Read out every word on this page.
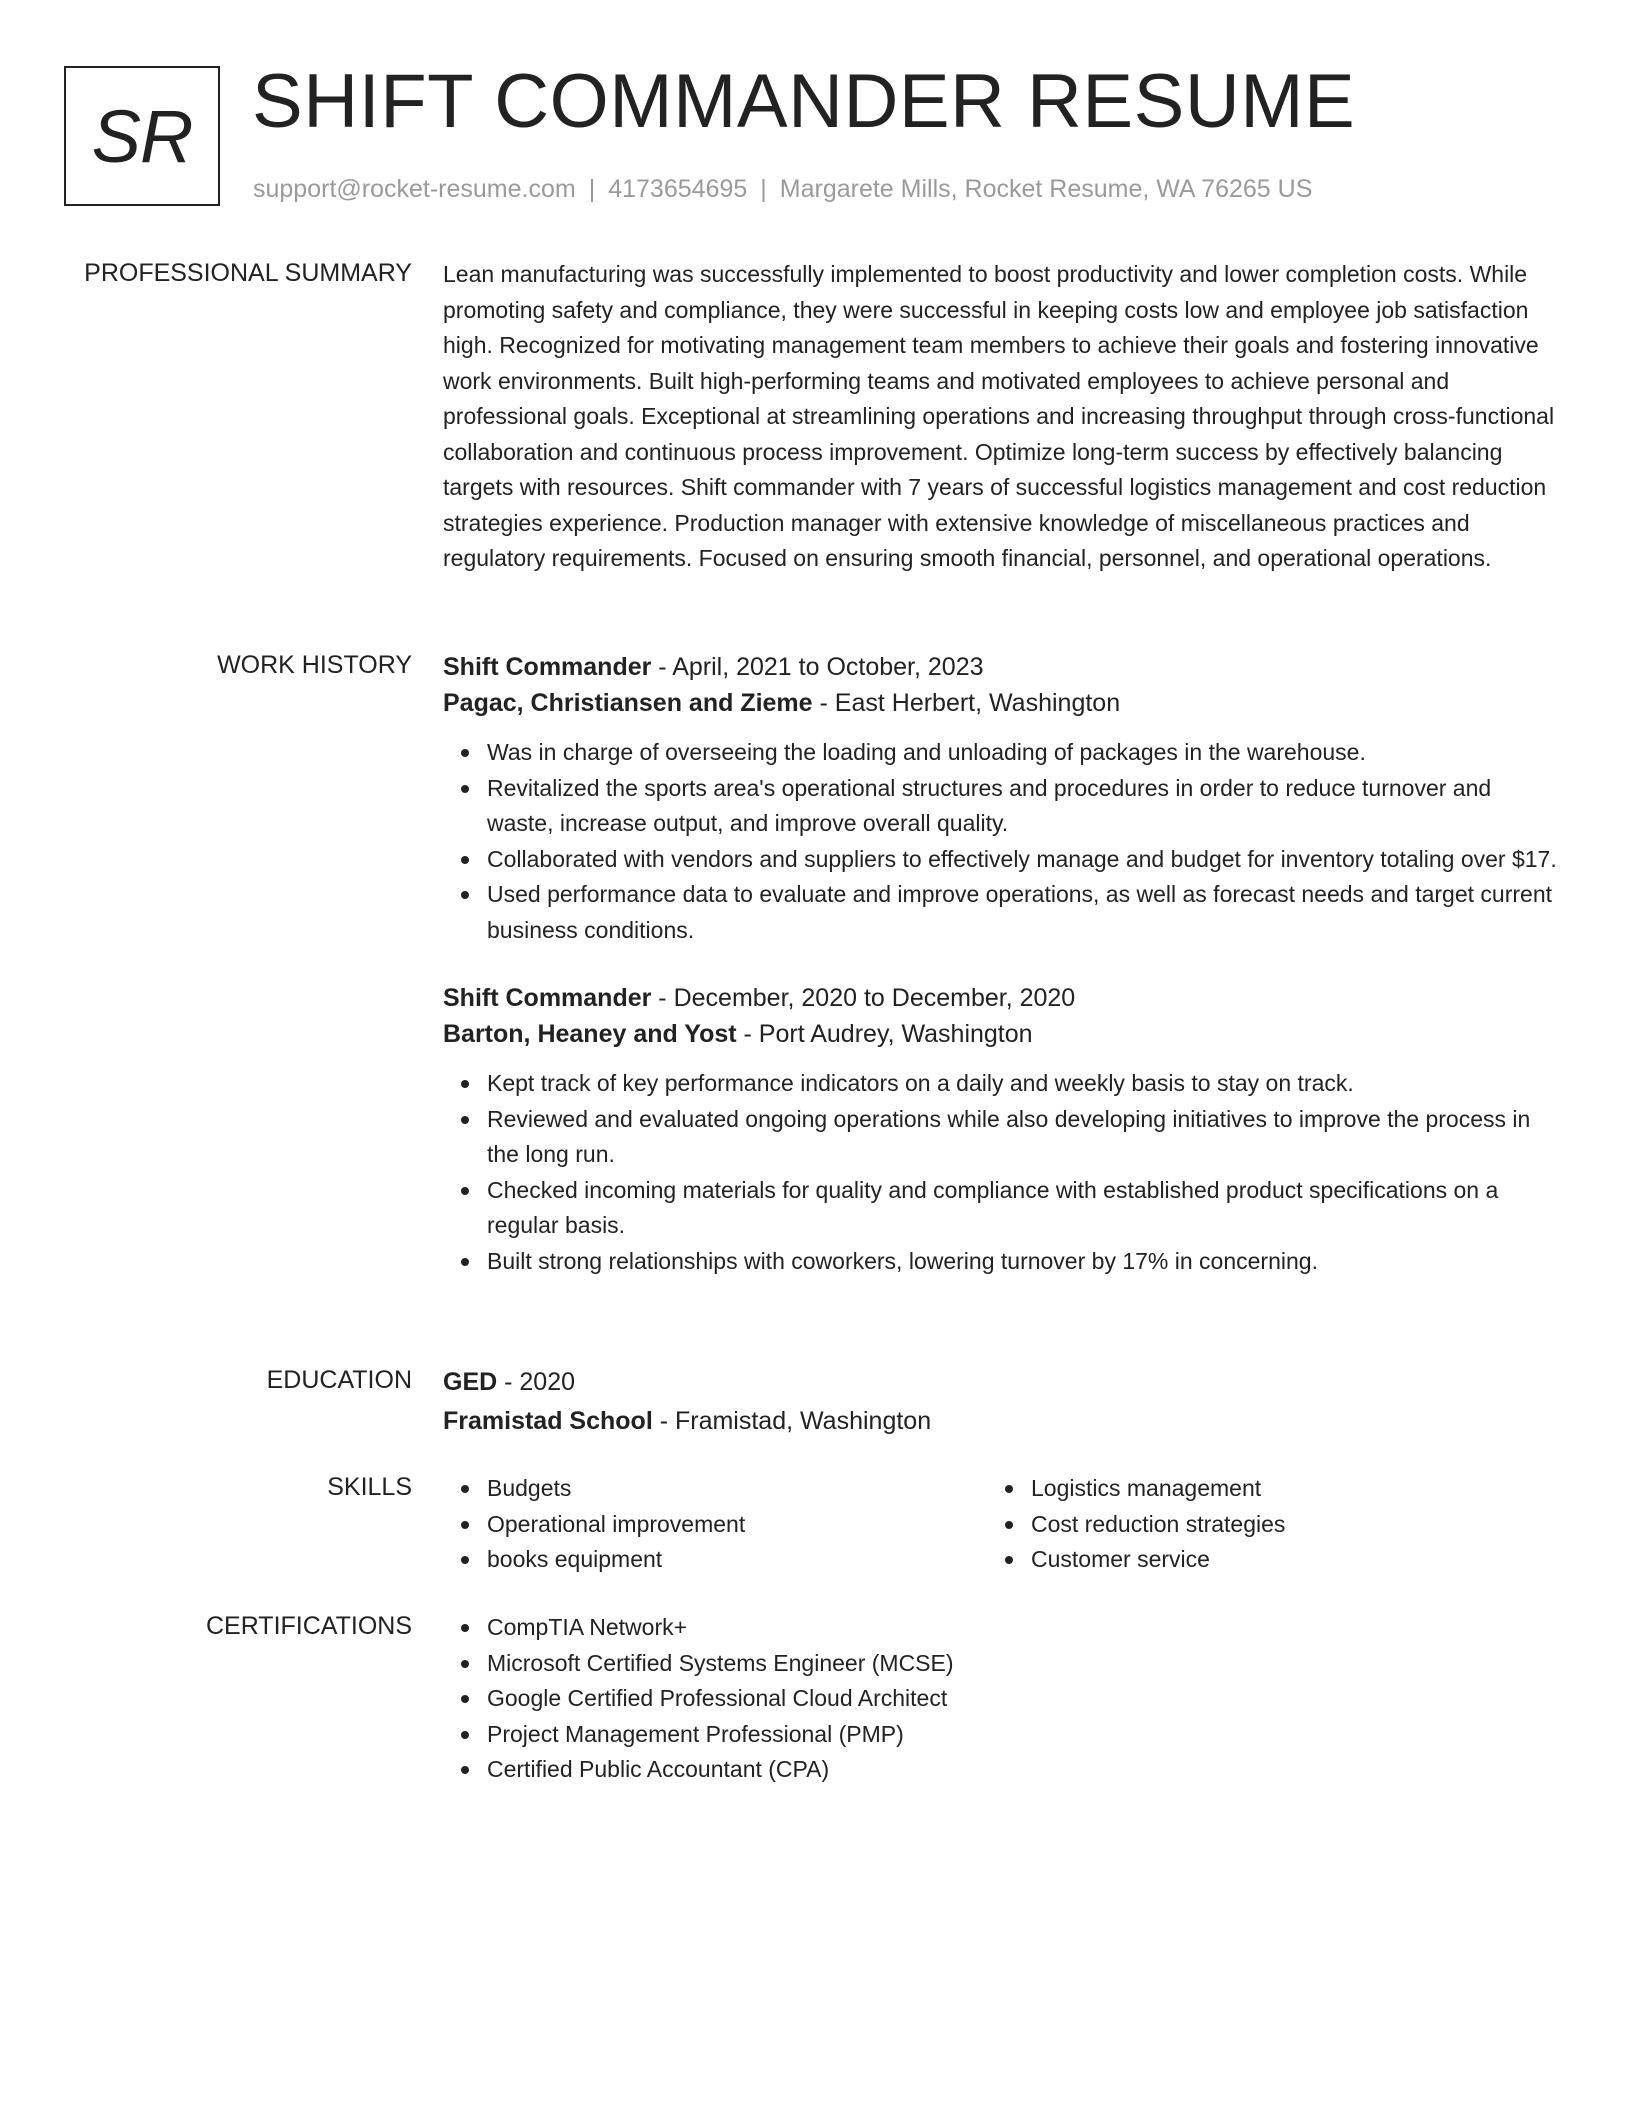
SR SHIFT COMMANDER RESUME
support@rocket-resume.com | 4173654695 | Margarete Mills, Rocket Resume, WA 76265 US
PROFESSIONAL SUMMARY Lean manufacturing was successfully implemented to boost productivity and lower completion costs. While promoting safety and compliance, they were successful in keeping costs low and employee job satisfaction high. Recognized for motivating management team members to achieve their goals and fostering innovative work environments. Built high-performing teams and motivated employees to achieve personal and professional goals. Exceptional at streamlining operations and increasing throughput through cross-functional collaboration and continuous process improvement. Optimize long-term success by effectively balancing targets with resources. Shift commander with 7 years of successful logistics management and cost reduction strategies experience. Production manager with extensive knowledge of miscellaneous practices and regulatory requirements. Focused on ensuring smooth financial, personnel, and operational operations.

WORK HISTORY Shift Commander - April, 2021 to October, 2023
Pagac, Christiansen and Zieme - East Herbert, Washington
Was in charge of overseeing the loading and unloading of packages in the warehouse.
Revitalized the sports area's operational structures and procedures in order to reduce turnover and waste, increase output, and improve overall quality.
Collaborated with vendors and suppliers to effectively manage and budget for inventory totaling over $17.
Used performance data to evaluate and improve operations, as well as forecast needs and target current business conditions.
Shift Commander - December, 2020 to December, 2020
Barton, Heaney and Yost - Port Audrey, Washington
Kept track of key performance indicators on a daily and weekly basis to stay on track.
Reviewed and evaluated ongoing operations while also developing initiatives to improve the process in the long run.
Checked incoming materials for quality and compliance with established product specifications on a regular basis.
Built strong relationships with coworkers, lowering turnover by 17% in concerning.
EDUCATION GED - 2020
Framistad School - Framistad, Washington
SKILLS	Budgets
Operational improvement
books equipment
Logistics management
Cost reduction strategies
Customer service
CERTIFICATIONS	CompTIA Network+
Microsoft Certified Systems Engineer (MCSE)
Google Certified Professional Cloud Architect
Project Management Professional (PMP)
Certified Public Accountant (CPA)
